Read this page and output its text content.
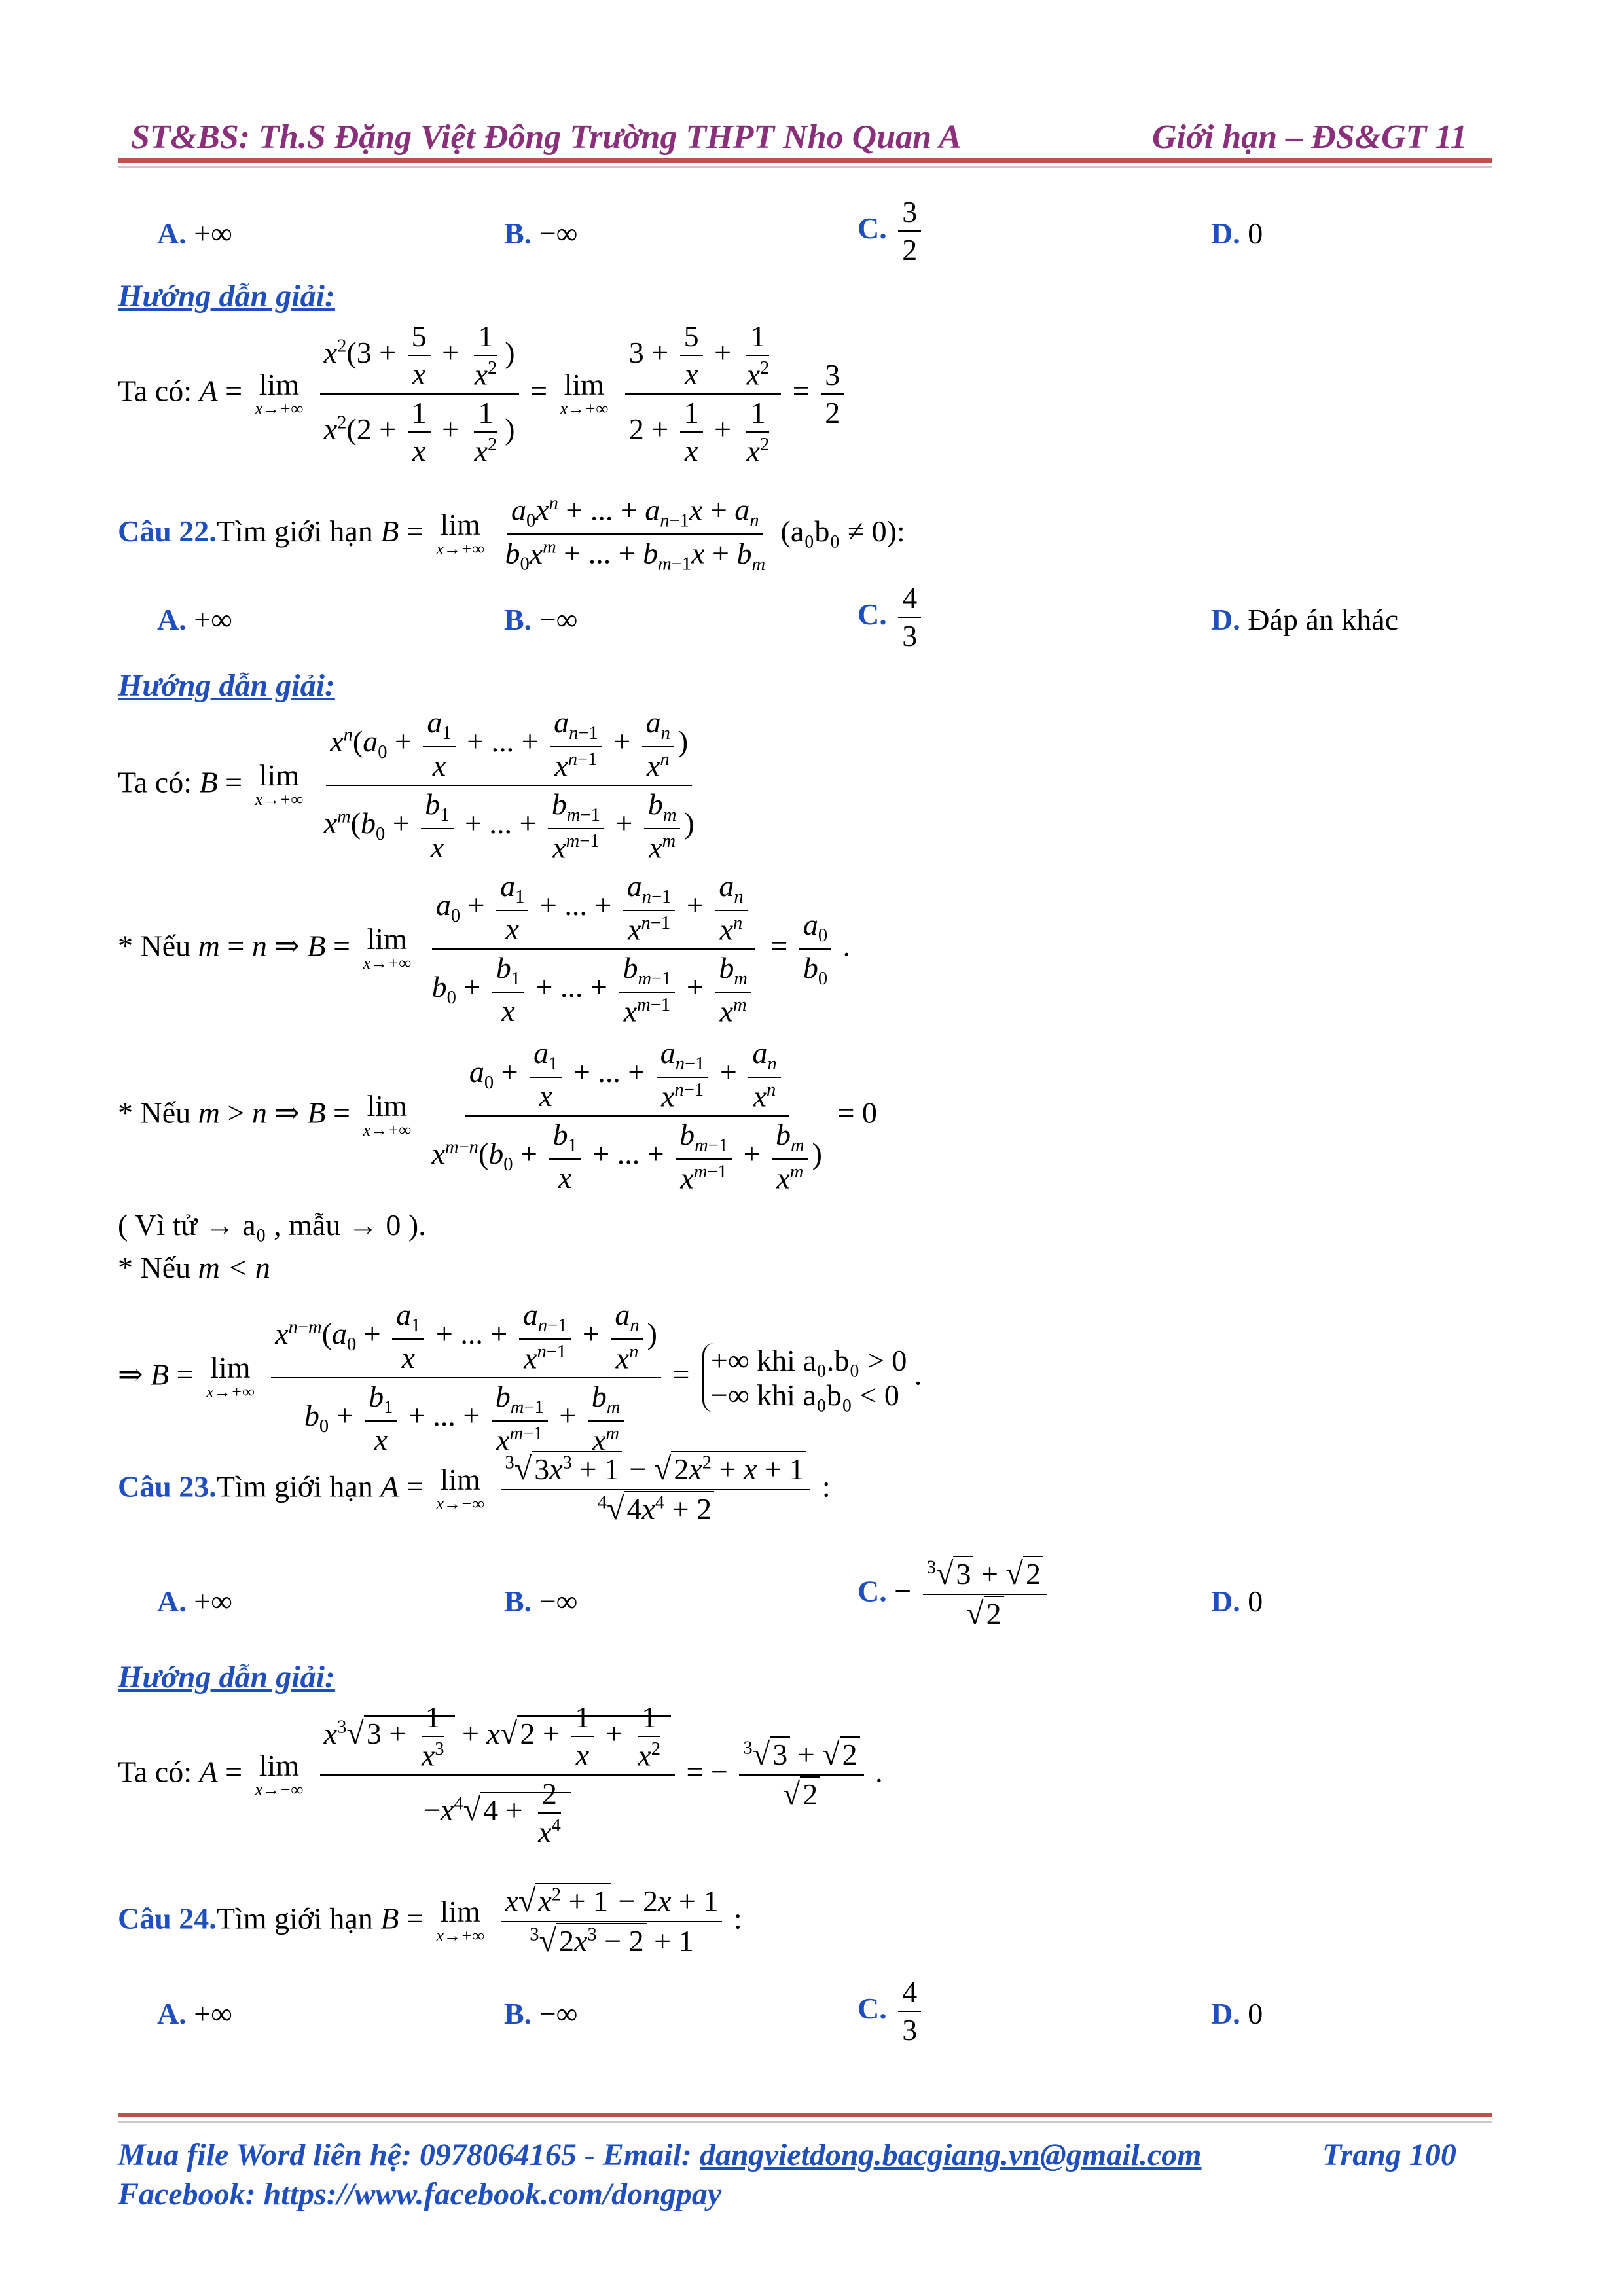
ST&BS: Th.S Đặng Việt Đông Trường THPT Nho Quan A	Giới hạn – ĐS&GT 11
A. +∞	B. −∞	C. $\frac{3}{2}$	D. 0
Hướng dẫn giải:
Ta có: A = lim
x→+∞
$\frac{x^2(3 + \frac{5}{x} + \frac{1}{x^2} )}{x^2(2 + \frac{1}{x} + \frac{1}{x^2} )} = \lim$
x→+∞
$\frac{3 + \frac{5}{x} + \frac{1}{x^2}}{2 + \frac{1}{x} + \frac{1}{x^2}} = \frac{3}{2}$
Câu 22.Tìm giới hạn B = lim
x→+∞
$\frac{a_0x^n + ... + a_{n-1}x + a_n}{b_0x^m + ... + b_{m-1}x + b_m} (a_0b_0 \ne 0)$:
A. +∞	B. −∞	C. $\frac{4}{3}$	D. Đáp án khác
Hướng dẫn giải:
Ta có: B = lim
x→+∞

$x^n(a_0 + \frac{a_1}{x}$ + ... + $\frac{a_{n-1}}{x^{n-1}} + \frac{a_n}{x^n}$ )
$x^m(b_0 + \frac{b_1}{x}$ + ... + $\frac{b_{m-1}}{x^{m-1}} + \frac{b_m}{x^m}$ )
* Nếu m = n ⇒ B = lim
x→+∞

$a_0 + \frac{a_1}{x}$ + ... + $\frac{a_{n-1}}{x^{n-1}} + \frac{a_n}{x^n}$
$b_0 + \frac{b_1}{x}$ + ... + $\frac{b_{m-1}}{x^{m-1}} + \frac{b_m}{x^m}$
= $\frac{a_0}{b_0}$ .
* Nếu m > n ⇒ B = lim
x→+∞

$a_0 + \frac{a_1}{x}$ + ... + $\frac{a_{n-1}}{x^{n-1}} + \frac{a_n}{x^n}$
$x^{m-n}(b_0 + \frac{b_1}{x}$ + ... + $\frac{b_{m-1}}{x^{m-1}} + \frac{b_m}{x^m}$ )
= 0
( Vì tử → a₀ , mẫu → 0 ).
* Nếu m < n
⇒ B = lim
x→+∞

$x^{n-m}(a_0 + \frac{a_1}{x}$ + ... + $\frac{a_{n-1}}{x^{n-1}} + \frac{a_n}{x^n}$ )
$b_0 + \frac{b_1}{x}$ + ... + $\frac{b_{m-1}}{x^{m-1}} + \frac{b_m}{x^m}$
= +∞ khi a₀.b₀ > 0
−∞ khi a₀b₀ < 0
.
Câu 23.Tìm giới hạn A = lim
x→−∞
$\frac{^3√3x^3 + 1 - √2x^2 + x + 1}{^4√4x^4 + 2}$ :
A. +∞	B. −∞	C. − $\frac{^3√3 + √2}{√2}$	D. 0
Hướng dẫn giải:
Ta có: A = lim
x→−∞
$\frac{x^3√3 + \frac{1}{x^3} + x√2 + \frac{1}{x} + \frac{1}{x^2}}{-x^4√4 + \frac{2}{x^4}}$ = − $\frac{^3√3 + √2}{√2}$ .
Câu 24.Tìm giới hạn B = lim
x→+∞
$\frac{x√x^2 + 1 - 2x + 1}{^3√2x^3 - 2 + 1}$ :
A. +∞	B. −∞	C. $\frac{4}{3}$	D. 0
Mua file Word liên hệ: 0978064165 - Email: dangvietdong.bacgiang.vn@gmail.com	Trang 100
Facebook: https://www.facebook.com/dongpay
